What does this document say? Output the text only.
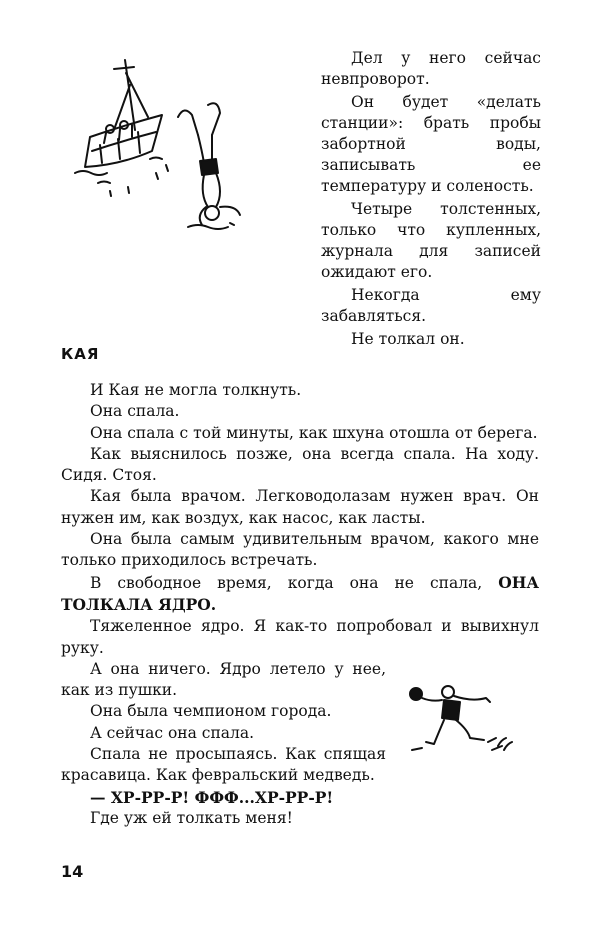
Дел у него сейчас невпроворот.

Он будет «делать станции»: брать пробы забортной воды, записывать ее температуру и соленость.

Четыре толстенных, только что купленных, журнала для записей ожидают его.

Некогда ему забавляться.

Не толкал он.

КАЯ

И Кая не могла толкнуть.

Она спала.

Она спала с той минуты, как шхуна отошла от берега.

Как выяснилось позже, она всегда спала. На ходу. Сидя. Стоя.

Кая была врачом. Легководолазам нужен врач. Он нужен им, как воздух, как насос, как ласты.

Она была самым удивительным врачом, какого мне только приходилось встречать.

В свободное время, когда она не спала, ОНА ТОЛКАЛА ЯДРО.

Тяжеленное ядро. Я как-то попробовал и вывихнул руку.

А она ничего. Ядро летело у нее, как из пушки.

Она была чемпионом города.

А сейчас она спала.

Спала не просыпаясь. Как спящая красавица. Как февральский медведь.

— ХР-РР-Р! ФФФ...ХР-РР-Р!

Где уж ей толкать меня!

14
